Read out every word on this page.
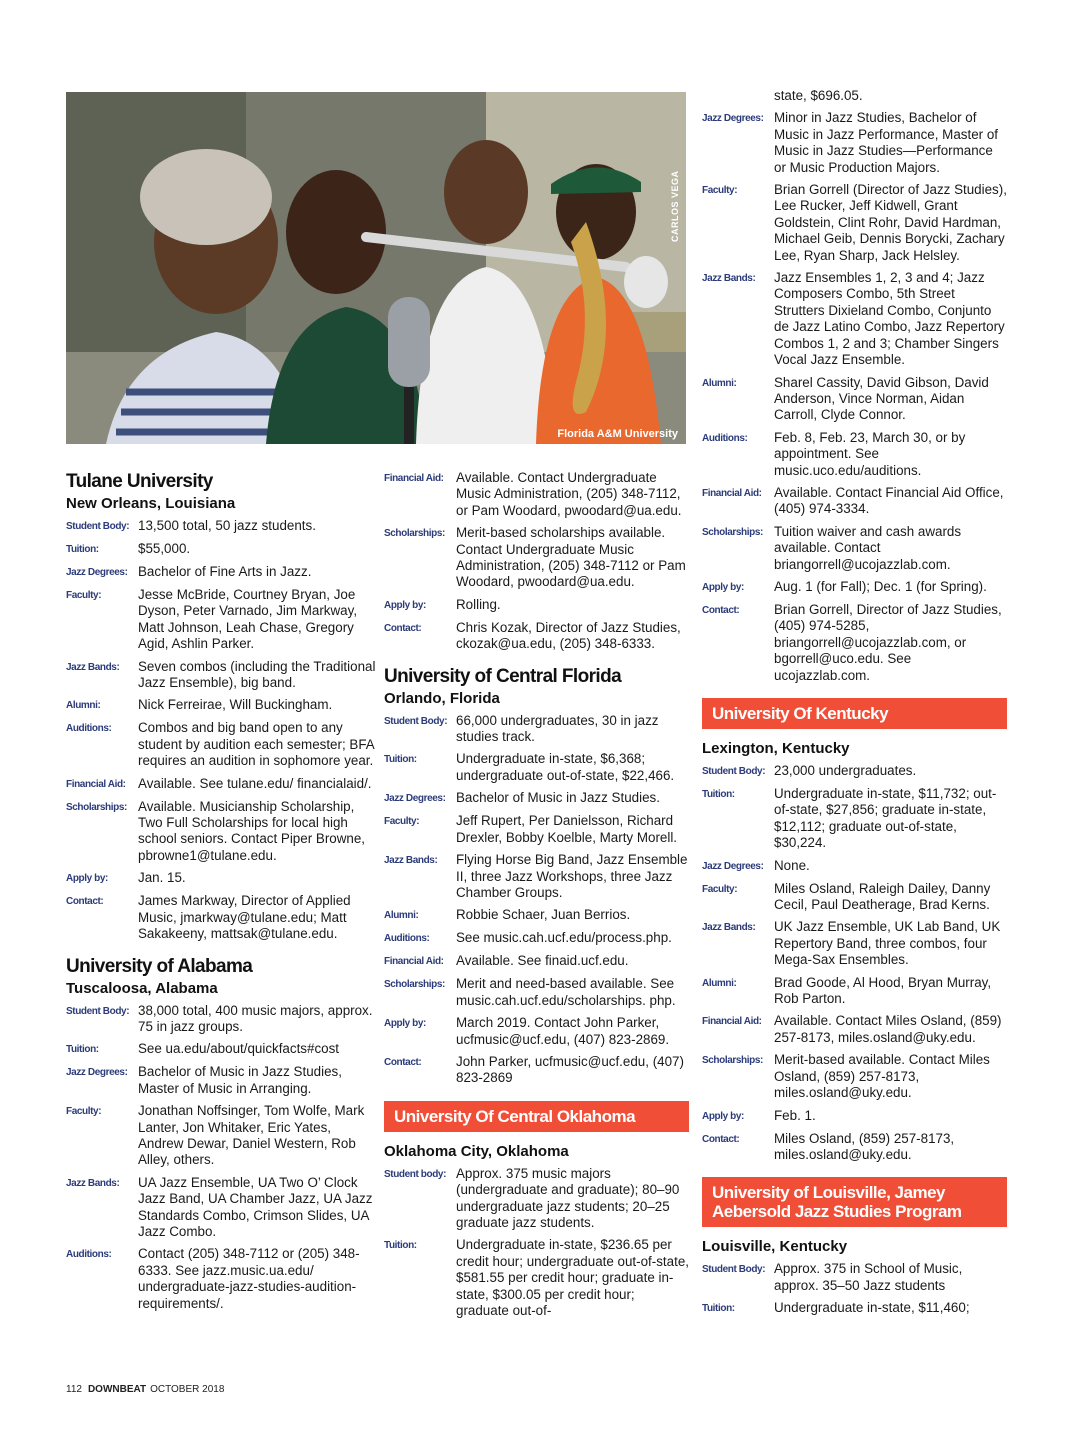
CARLOS VEGA
Florida A&M University
Tulane University
New Orleans, Louisiana
Student Body: 13,500 total, 50 jazz students.
Tuition:	$55,000.
Jazz Degrees: Bachelor of Fine Arts in Jazz.
Faculty:	Jesse McBride, Courtney Bryan, Joe Dyson, Peter Varnado, Jim Markway, Matt Johnson, Leah Chase, Gregory Agid, Ashlin Parker.
Jazz Bands:	Seven combos (including the Traditional Jazz Ensemble), big band.
Alumni:	Nick Ferreirae, Will Buckingham.
Auditions:	Combos and big band open to any student by audition each semester; BFA requires an audition in sophomore year.
Financial Aid: Available. See tulane.edu/ financialaid/.
Scholarships: Available. Musicianship Scholarship, Two Full Scholarships for local high school seniors. Contact Piper Browne, pbrowne1@tulane.edu.
Apply by:	Jan. 15.
Contact:	James Markway, Director of Applied Music, jmarkway@tulane.edu; Matt Sakakeeny, mattsak@tulane.edu.
University of Alabama
Tuscaloosa, Alabama
Student Body: 38,000 total, 400 music majors, approx. 75 in jazz groups.
Tuition:	See ua.edu/about/quickfacts#cost
Jazz Degrees: Bachelor of Music in Jazz Studies, Master of Music in Arranging.
Faculty:	Jonathan Noffsinger, Tom Wolfe, Mark Lanter, Jon Whitaker, Eric Yates, Andrew Dewar, Daniel Western, Rob Alley, others.
Jazz Bands:	UA Jazz Ensemble, UA Two O’ Clock Jazz Band, UA Chamber Jazz, UA Jazz Standards Combo, Crimson Slides, UA Jazz Combo.
Auditions:	Contact (205) 348-7112 or (205) 348-6333. See jazz.music.ua.edu/ undergraduate-jazz-studies-audition-requirements/.
Financial Aid: Available. Contact Undergraduate Music Administration, (205) 348-7112, or Pam Woodard, pwoodard@ua.edu.
Scholarships: Merit-based scholarships available. Contact Undergraduate Music Administration, (205) 348-7112 or Pam Woodard, pwoodard@ua.edu.
Apply by:	Rolling.
Contact:	Chris Kozak, Director of Jazz Studies, ckozak@ua.edu, (205) 348-6333.
University of Central Florida
Orlando, Florida
Student Body: 66,000 undergraduates, 30 in jazz studies track.
Tuition:	Undergraduate in-state, $6,368; undergraduate out-of-state, $22,466.
Jazz Degrees: Bachelor of Music in Jazz Studies.
Faculty:	Jeff Rupert, Per Danielsson, Richard Drexler, Bobby Koelble, Marty Morell.
Jazz Bands:	Flying Horse Big Band, Jazz Ensemble II, three Jazz Workshops, three Jazz Chamber Groups.
Alumni:	Robbie Schaer, Juan Berrios.
Auditions:	See music.cah.ucf.edu/process.php.
Financial Aid: Available. See finaid.ucf.edu.
Scholarships: Merit and need-based available. See music.cah.ucf.edu/scholarships. php.
Apply by:	March 2019. Contact John Parker, ucfmusic@ucf.edu, (407) 823-2869.
Contact:	John Parker, ucfmusic@ucf.edu, (407) 823-2869
University Of Central Oklahoma
Oklahoma City, Oklahoma
Student body: Approx. 375 music majors (undergraduate and graduate); 80–90 undergraduate jazz students; 20–25 graduate jazz students.
Tuition:	Undergraduate in-state, $236.65 per credit hour; undergraduate out-of-state, $581.55 per credit hour; graduate in-state, $300.05 per credit hour; graduate out-of-
state, $696.05.
Jazz Degrees: Minor in Jazz Studies, Bachelor of Music in Jazz Performance, Master of Music in Jazz Studies—Performance or Music Production Majors.
Faculty:	Brian Gorrell (Director of Jazz Studies), Lee Rucker, Jeff Kidwell, Grant Goldstein, Clint Rohr, David Hardman, Michael Geib, Dennis Borycki, Zachary Lee, Ryan Sharp, Jack Helsley.
Jazz Bands:	Jazz Ensembles 1, 2, 3 and 4; Jazz Composers Combo, 5th Street Strutters Dixieland Combo, Conjunto de Jazz Latino Combo, Jazz Repertory Combos 1, 2 and 3; Chamber Singers Vocal Jazz Ensemble.
Alumni:	Sharel Cassity, David Gibson, David Anderson, Vince Norman, Aidan Carroll, Clyde Connor.
Auditions:	Feb. 8, Feb. 23, March 30, or by appointment. See music.uco.edu/auditions.
Financial Aid: Available. Contact Financial Aid Office, (405) 974-3334.
Scholarships: Tuition waiver and cash awards available. Contact briangorrell@ucojazzlab.com.
Apply by:	Aug. 1 (for Fall); Dec. 1 (for Spring).
Contact:	Brian Gorrell, Director of Jazz Studies, (405) 974-5285, briangorrell@ucojazzlab.com, or bgorrell@uco.edu. See ucojazzlab.com.
University Of Kentucky
Lexington, Kentucky
Student Body: 23,000 undergraduates.
Tuition:	Undergraduate in-state, $11,732; out-of-state, $27,856; graduate in-state, $12,112; graduate out-of-state, $30,224.
Jazz Degrees: None.
Faculty:	Miles Osland, Raleigh Dailey, Danny Cecil, Paul Deatherage, Brad Kerns.
Jazz Bands:	UK Jazz Ensemble, UK Lab Band, UK Repertory Band, three combos, four Mega-Sax Ensembles.
Alumni:	Brad Goode, Al Hood, Bryan Murray, Rob Parton.
Financial Aid: Available. Contact Miles Osland, (859) 257-8173, miles.osland@uky.edu.
Scholarships: Merit-based available. Contact Miles Osland, (859) 257-8173, miles.osland@uky.edu.
Apply by:	Feb. 1.
Contact:	Miles Osland, (859) 257-8173, miles.osland@uky.edu.
University of Louisville, Jamey Aebersold Jazz Studies Program
Louisville, Kentucky
Student Body: Approx. 375 in School of Music, approx. 35–50 Jazz students
Tuition:	Undergraduate in-state, $11,460;
112 DOWNBEAT OCTOBER 2018
